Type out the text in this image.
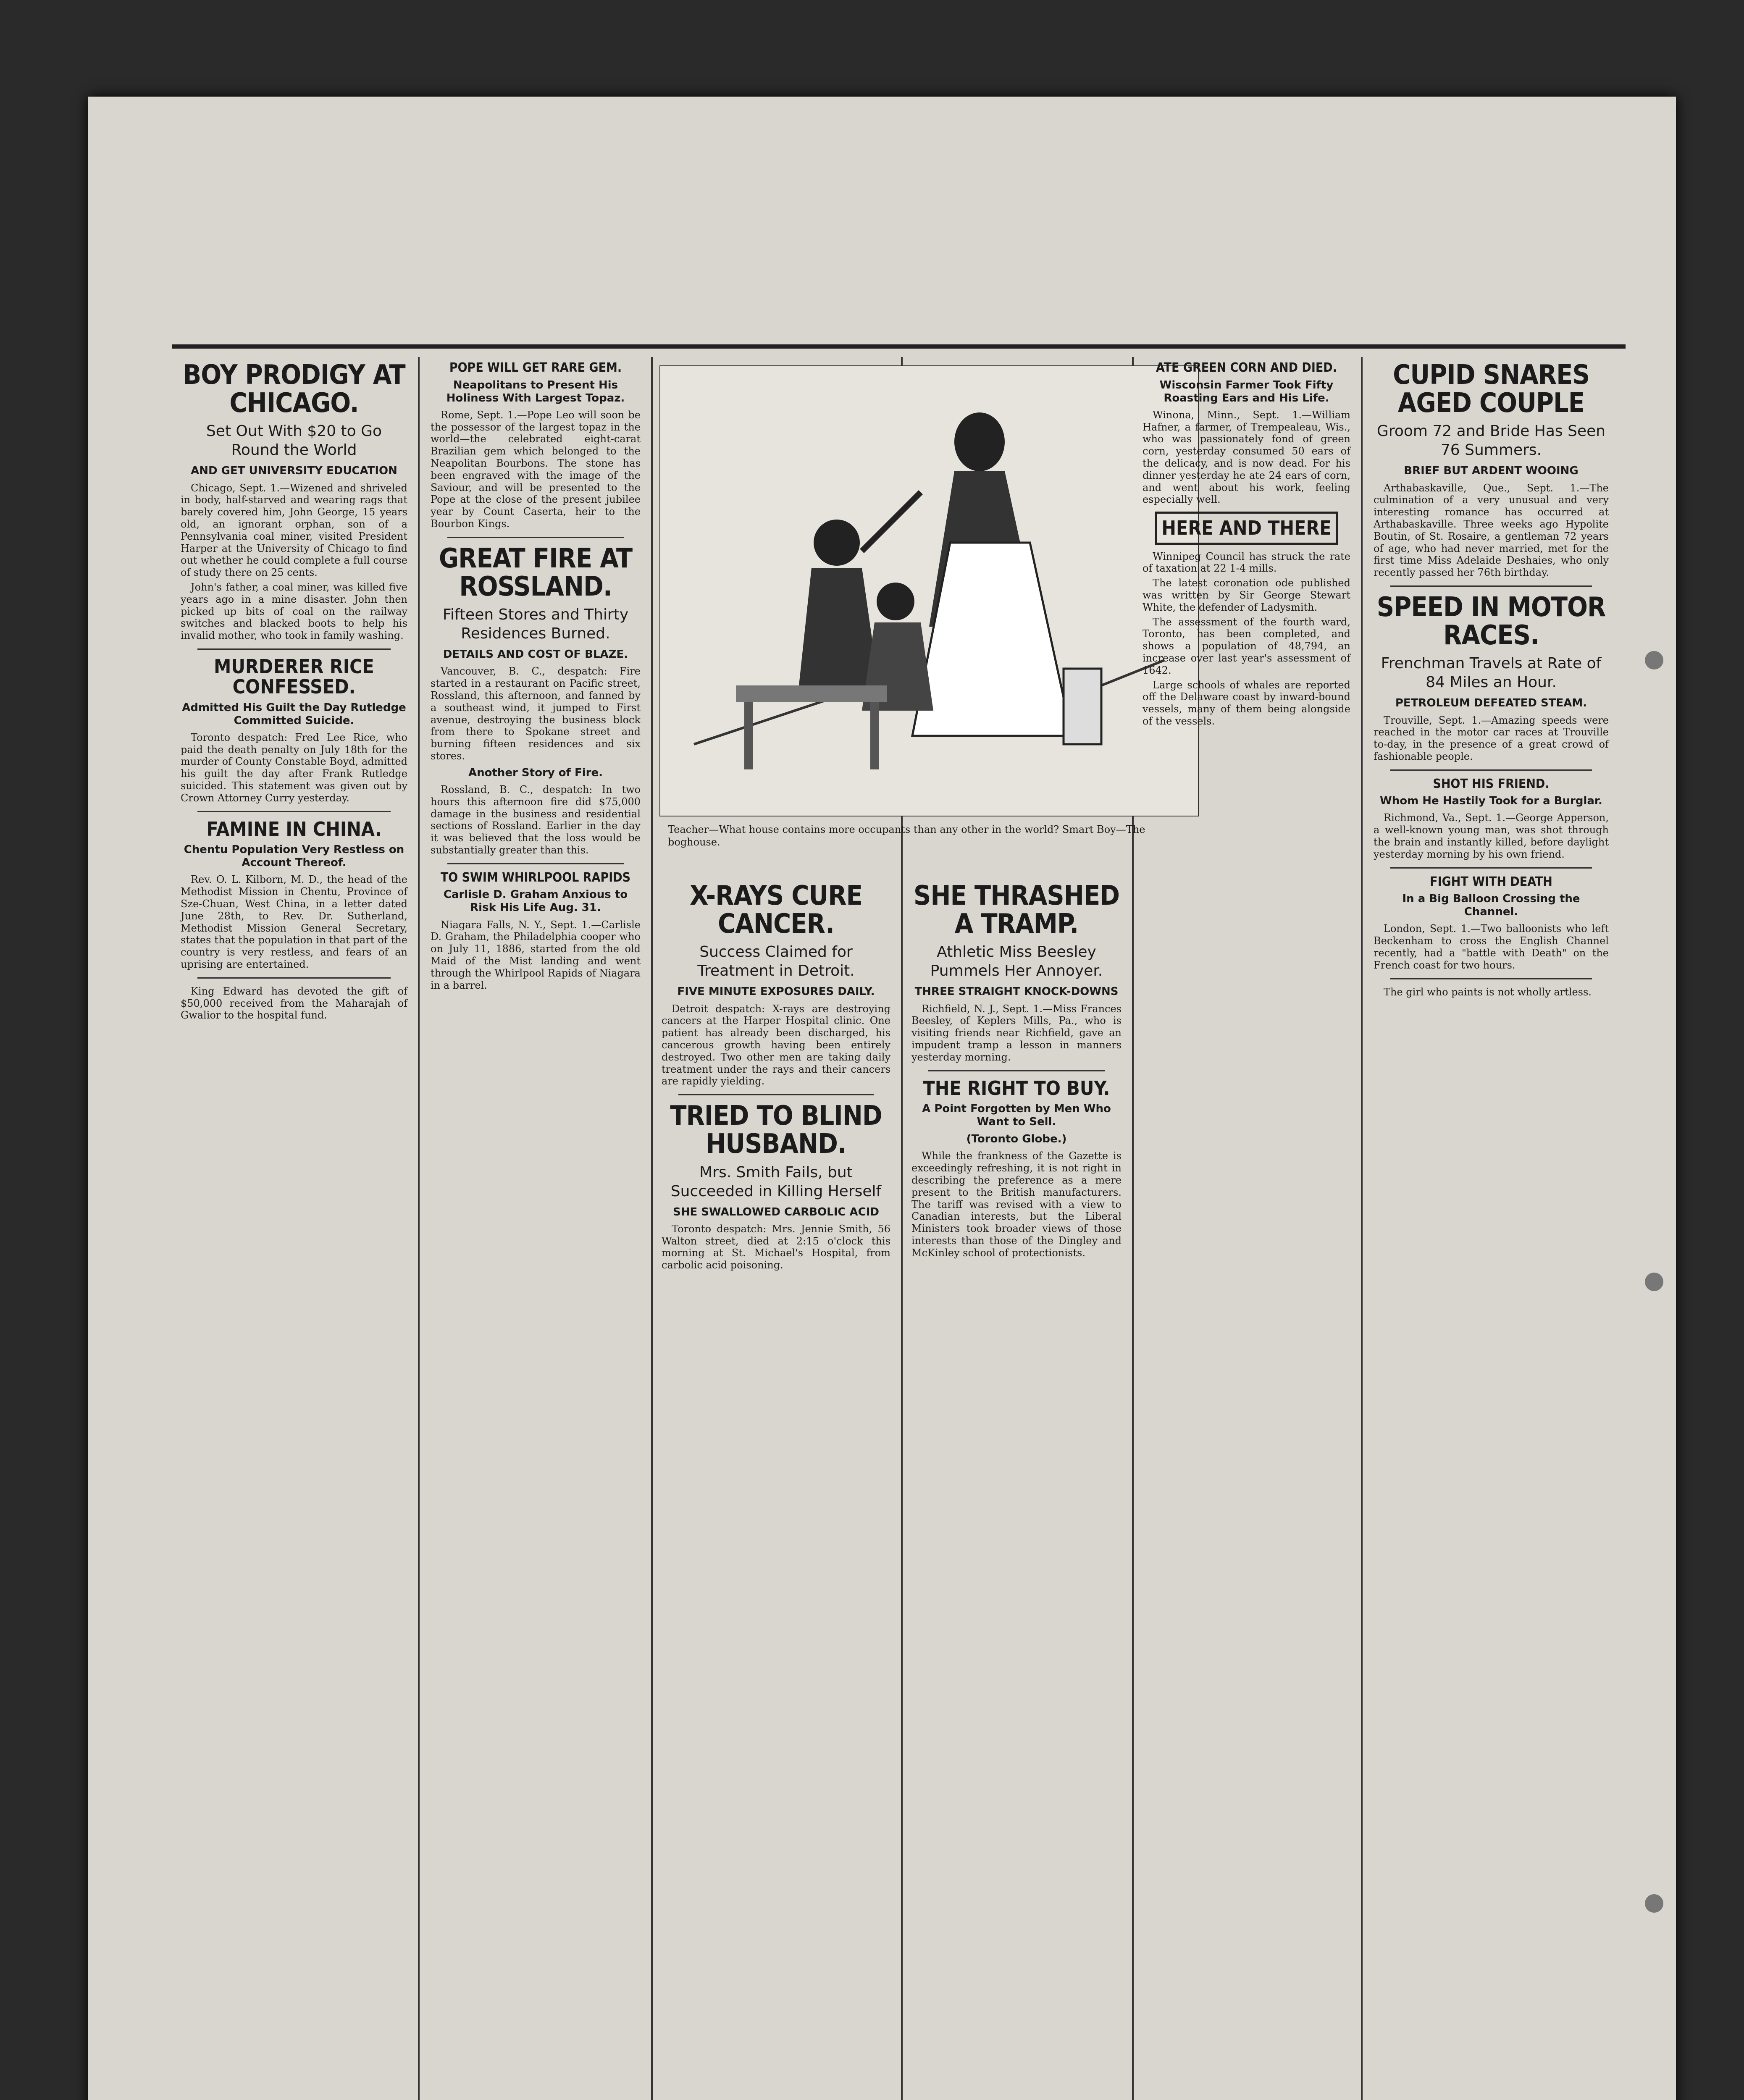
BOY PRODIGY AT CHICAGO.
Set Out With $20 to Go Round the World
AND GET UNIVERSITY EDUCATION

Chicago, Sept. 1.—Wizened and shriveled in body, half-starved and wearing rags that barely covered him, John George, 15 years old, an ignorant orphan, son of a Pennsylvania coal miner, visited President Harper at the University of Chicago to find out whether he could complete a full course of study there on 25 cents.

John's father, a coal miner, was killed five years ago in a mine disaster. John then picked up bits of coal on the railway switches and blacked boots to help his invalid mother, who took in family washing.

MURDERER RICE CONFESSED.
Admitted His Guilt the Day Rutledge Committed Suicide.

Toronto despatch: Fred Lee Rice, who paid the death penalty on July 18th for the murder of County Constable Boyd, admitted his guilt the day after Frank Rutledge suicided. This statement was given out by Crown Attorney Curry yesterday.

FAMINE IN CHINA.
Chentu Population Very Restless on Account Thereof.

Rev. O. L. Kilborn, M. D., the head of the Methodist Mission in Chentu, Province of Sze-Chuan, West China, in a letter dated June 28th, to Rev. Dr. Sutherland, Methodist Mission General Secretary, states that the population in that part of the country is very restless, and fears of an uprising are entertained.

King Edward has devoted the gift of $50,000 received from the Maharajah of Gwalior to the hospital fund.

POPE WILL GET RARE GEM.
Neapolitans to Present His Holiness With Largest Topaz.

Rome, Sept. 1.—Pope Leo will soon be the possessor of the largest topaz in the world—the celebrated eight-carat Brazilian gem which belonged to the Neapolitan Bourbons. The stone has been engraved with the image of the Saviour, and will be presented to the Pope at the close of the present jubilee year by Count Caserta, heir to the Bourbon Kings.

GREAT FIRE AT ROSSLAND.
Fifteen Stores and Thirty Residences Burned.
DETAILS AND COST OF BLAZE.

Vancouver, B. C., despatch: Fire started in a restaurant on Pacific street, Rossland, this afternoon, and fanned by a southeast wind, it jumped to First avenue, destroying the business block from there to Spokane street and burning fifteen residences and six stores.

Another Story of Fire.

Rossland, B. C., despatch: In two hours this afternoon fire did $75,000 damage in the business and residential sections of Rossland. Earlier in the day it was believed that the loss would be substantially greater than this.

TO SWIM WHIRLPOOL RAPIDS
Carlisle D. Graham Anxious to Risk His Life Aug. 31.

Niagara Falls, N. Y., Sept. 1.—Carlisle D. Graham, the Philadelphia cooper who on July 11, 1886, started from the old Maid of the Mist landing and went through the Whirlpool Rapids of Niagara in a barrel.

Teacher—What house contains more occupants than any other in the world? Smart Boy—The boghouse.
X-RAYS CURE CANCER.
Success Claimed for Treatment in Detroit.
FIVE MINUTE EXPOSURES DAILY.

Detroit despatch: X-rays are destroying cancers at the Harper Hospital clinic. One patient has already been discharged, his cancerous growth having been entirely destroyed. Two other men are taking daily treatment under the rays and their cancers are rapidly yielding.

TRIED TO BLIND HUSBAND.
Mrs. Smith Fails, but Succeeded in Killing Herself
SHE SWALLOWED CARBOLIC ACID

Toronto despatch: Mrs. Jennie Smith, 56 Walton street, died at 2:15 o'clock this morning at St. Michael's Hospital, from carbolic acid poisoning.

SHE THRASHED A TRAMP.
Athletic Miss Beesley Pummels Her Annoyer.
THREE STRAIGHT KNOCK-DOWNS

Richfield, N. J., Sept. 1.—Miss Frances Beesley, of Keplers Mills, Pa., who is visiting friends near Richfield, gave an impudent tramp a lesson in manners yesterday morning.

THE RIGHT TO BUY.
A Point Forgotten by Men Who Want to Sell.
(Toronto Globe.)

While the frankness of the Gazette is exceedingly refreshing, it is not right in describing the preference as a mere present to the British manufacturers. The tariff was revised with a view to Canadian interests, but the Liberal Ministers took broader views of those interests than those of the Dingley and McKinley school of protectionists.

ATE GREEN CORN AND DIED.
Wisconsin Farmer Took Fifty Roasting Ears and His Life.

Winona, Minn., Sept. 1.—William Hafner, a farmer, of Trempealeau, Wis., who was passionately fond of green corn, yesterday consumed 50 ears of the delicacy, and is now dead. For his dinner yesterday he ate 24 ears of corn, and went about his work, feeling especially well.

HERE AND THERE

Winnipeg Council has struck the rate of taxation at 22 1-4 mills.

The latest coronation ode published was written by Sir George Stewart White, the defender of Ladysmith.

The assessment of the fourth ward, Toronto, has been completed, and shows a population of 48,794, an increase over last year's assessment of 1642.

Large schools of whales are reported off the Delaware coast by inward-bound vessels, many of them being alongside of the vessels.

CUPID SNARES AGED COUPLE
Groom 72 and Bride Has Seen 76 Summers.
BRIEF BUT ARDENT WOOING

Arthabaskaville, Que., Sept. 1.—The culmination of a very unusual and very interesting romance has occurred at Arthabaskaville. Three weeks ago Hypolite Boutin, of St. Rosaire, a gentleman 72 years of age, who had never married, met for the first time Miss Adelaide Deshaies, who only recently passed her 76th birthday.

SPEED IN MOTOR RACES.
Frenchman Travels at Rate of 84 Miles an Hour.
PETROLEUM DEFEATED STEAM.

Trouville, Sept. 1.—Amazing speeds were reached in the motor car races at Trouville to-day, in the presence of a great crowd of fashionable people.

SHOT HIS FRIEND.
Whom He Hastily Took for a Burglar.

Richmond, Va., Sept. 1.—George Apperson, a well-known young man, was shot through the brain and instantly killed, before daylight yesterday morning by his own friend.

FIGHT WITH DEATH
In a Big Balloon Crossing the Channel.

London, Sept. 1.—Two balloonists who left Beckenham to cross the English Channel recently, had a "battle with Death" on the French coast for two hours.

The girl who paints is not wholly artless.
